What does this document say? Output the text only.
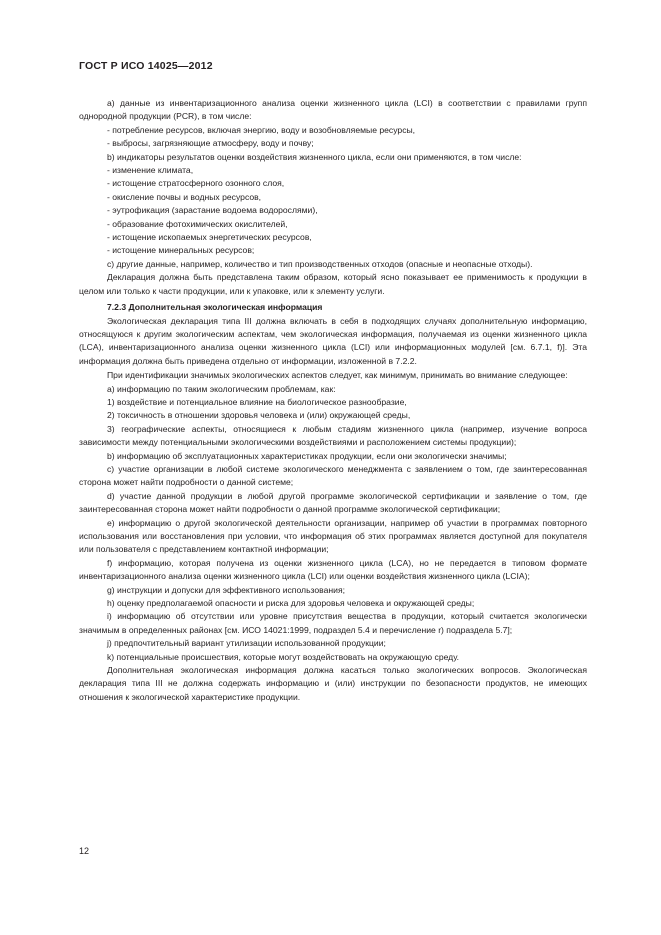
ГОСТ Р ИСО 14025—2012

a) данные из инвентаризационного анализа оценки жизненного цикла (LCI) в соответствии с правилами групп однородной продукции (PCR), в том числе:

- потребление ресурсов, включая энергию, воду и возобновляемые ресурсы,

- выбросы, загрязняющие атмосферу, воду и почву;

b) индикаторы результатов оценки воздействия жизненного цикла, если они применяются, в том числе:

- изменение климата,

- истощение стратосферного озонного слоя,

- окисление почвы и водных ресурсов,

- эутрофикация (зарастание водоема водорослями),

- образование фотохимических окислителей,

- истощение ископаемых энергетических ресурсов,

- истощение минеральных ресурсов;

c) другие данные, например, количество и тип производственных отходов (опасные и неопасные отходы).

Декларация должна быть представлена таким образом, который ясно показывает ее применимость к продукции в целом или только к части продукции, или к упаковке, или к элементу услуги.

7.2.3 Дополнительная экологическая информация

Экологическая декларация типа III должна включать в себя в подходящих случаях дополнительную информацию, относящуюся к другим экологическим аспектам, чем экологическая информация, получаемая из оценки жизненного цикла (LCA), инвентаризационного анализа оценки жизненного цикла (LCI) или информационных модулей [см. 6.7.1, f)]. Эта информация должна быть приведена отдельно от информации, изложенной в 7.2.2.

При идентификации значимых экологических аспектов следует, как минимум, принимать во внимание следующее:

a) информацию по таким экологическим проблемам, как:

1) воздействие и потенциальное влияние на биологическое разнообразие,

2) токсичность в отношении здоровья человека и (или) окружающей среды,

3) географические аспекты, относящиеся к любым стадиям жизненного цикла (например, изучение вопроса зависимости между потенциальными экологическими воздействиями и расположением системы продукции);

b) информацию об эксплуатационных характеристиках продукции, если они экологически значимы;

c) участие организации в любой системе экологического менеджмента с заявлением о том, где заинтересованная сторона может найти подробности о данной системе;

d) участие данной продукции в любой другой программе экологической сертификации и заявление о том, где заинтересованная сторона может найти подробности о данной программе экологической сертификации;

e) информацию о другой экологической деятельности организации, например об участии в программах повторного использования или восстановления при условии, что информация об этих программах является доступной для покупателя или пользователя с представлением контактной информации;

f) информацию, которая получена из оценки жизненного цикла (LCA), но не передается в типовом формате инвентаризационного анализа оценки жизненного цикла (LCI) или оценки воздействия жизненного цикла (LCIA);

g) инструкции и допуски для эффективного использования;

h) оценку предполагаемой опасности и риска для здоровья человека и окружающей среды;

i) информацию об отсутствии или уровне присутствия вещества в продукции, который считается экологически значимым в определенных районах [см. ИСО 14021:1999, подраздел 5.4 и перечисление r) подраздела 5.7];

j) предпочтительный вариант утилизации использованной продукции;

k) потенциальные происшествия, которые могут воздействовать на окружающую среду.

Дополнительная экологическая информация должна касаться только экологических вопросов. Экологическая декларация типа III не должна содержать информацию и (или) инструкции по безопасности продуктов, не имеющих отношения к экологической характеристике продукции.

12
